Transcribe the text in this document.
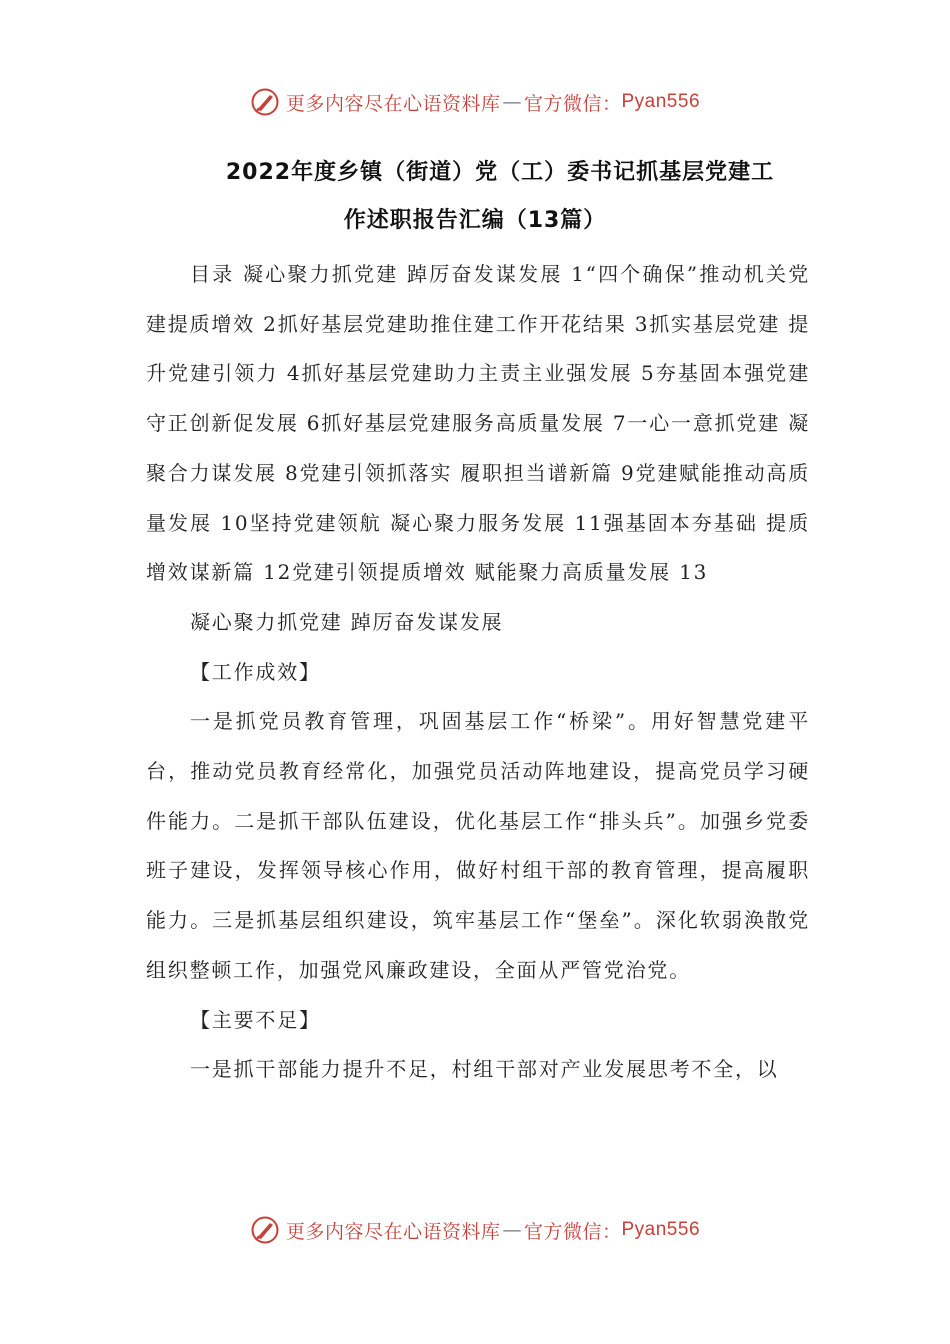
更多内容尽在心语资料库 — 官方微信： Pyan556
2022年度乡镇（街道）党（工）委书记抓基层党建工
作述职报告汇编（13篇）

目录 凝心聚力抓党建 踔厉奋发谋发展 1“四个确保”推动机关党建提质增效 2抓好基层党建助推住建工作开花结果 3抓实基层党建 提升党建引领力 4抓好基层党建助力主责主业强发展 5夯基固本强党建 守正创新促发展 6抓好基层党建服务高质量发展 7一心一意抓党建 凝聚合力谋发展 8党建引领抓落实 履职担当谱新篇 9党建赋能推动高质量发展 10坚持党建领航 凝心聚力服务发展 11强基固本夯基础 提质增效谋新篇 12党建引领提质增效 赋能聚力高质量发展 13

凝心聚力抓党建 踔厉奋发谋发展

【工作成效】

一是抓党员教育管理，巩固基层工作“桥梁”。用好智慧党建平台，推动党员教育经常化，加强党员活动阵地建设，提高党员学习硬件能力。二是抓干部队伍建设，优化基层工作“排头兵”。加强乡党委班子建设，发挥领导核心作用，做好村组干部的教育管理，提高履职能力。三是抓基层组织建设，筑牢基层工作“堡垒”。深化软弱涣散党组织整顿工作，加强党风廉政建设，全面从严管党治党。

【主要不足】

一是抓干部能力提升不足，村组干部对产业发展思考不全，以

更多内容尽在心语资料库 — 官方微信： Pyan556
